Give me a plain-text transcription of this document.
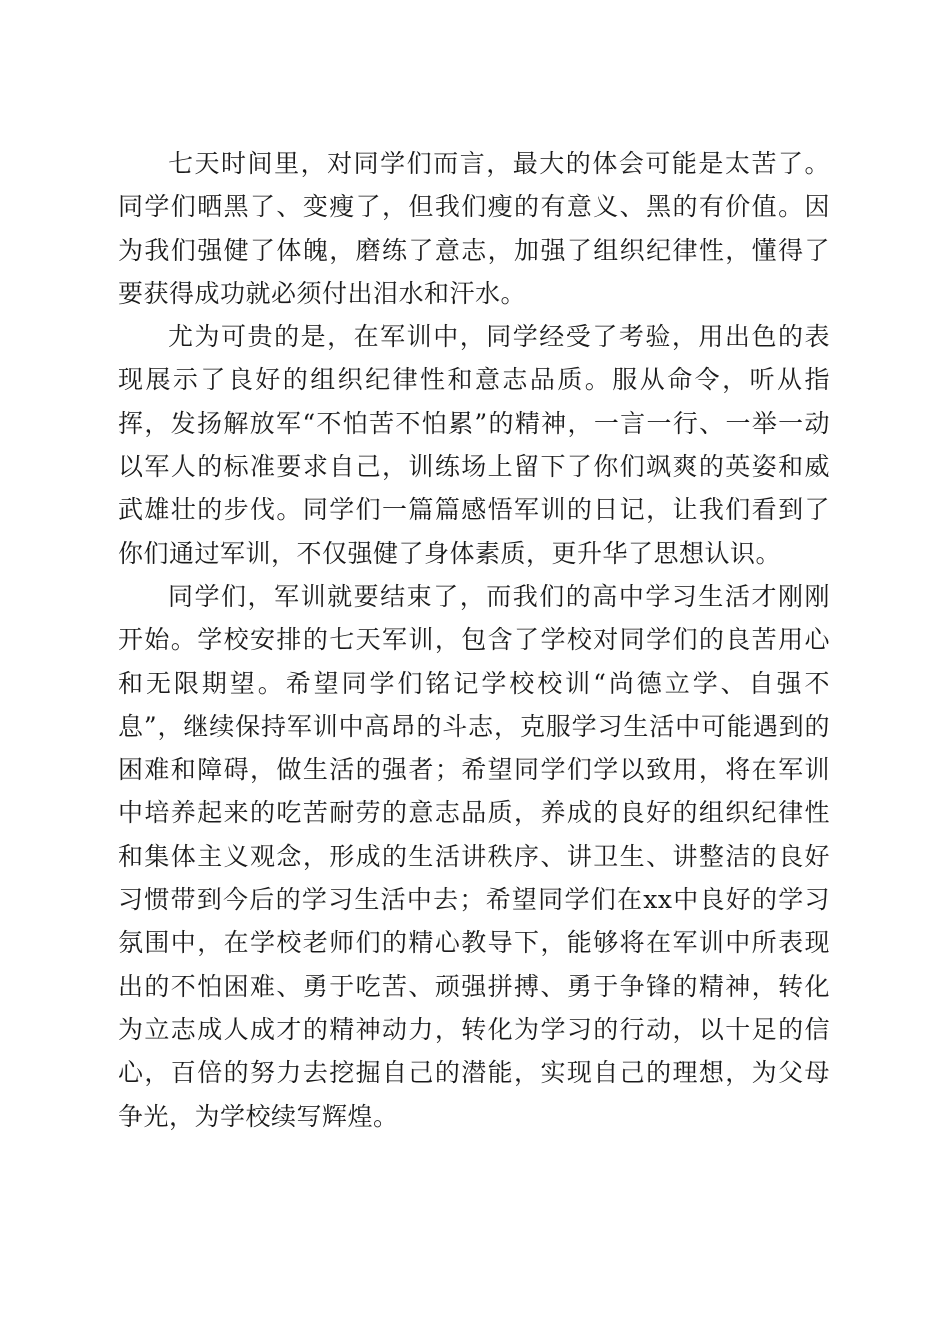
七天时间里，对同学们而言，最大的体会可能是太苦了。同学们晒黑了、变瘦了，但我们瘦的有意义、黑的有价值。因为我们强健了体魄，磨练了意志，加强了组织纪律性，懂得了要获得成功就必须付出泪水和汗水。

尤为可贵的是，在军训中，同学经受了考验，用出色的表现展示了良好的组织纪律性和意志品质。服从命令，听从指挥，发扬解放军“不怕苦不怕累”的精神，一言一行、一举一动以军人的标准要求自己，训练场上留下了你们飒爽的英姿和威武雄壮的步伐。同学们一篇篇感悟军训的日记，让我们看到了你们通过军训，不仅强健了身体素质，更升华了思想认识。

同学们，军训就要结束了，而我们的高中学习生活才刚刚开始。学校安排的七天军训，包含了学校对同学们的良苦用心和无限期望。希望同学们铭记学校校训“尚德立学、自强不息”，继续保持军训中高昂的斗志，克服学习生活中可能遇到的困难和障碍，做生活的强者；希望同学们学以致用，将在军训中培养起来的吃苦耐劳的意志品质，养成的良好的组织纪律性和集体主义观念，形成的生活讲秩序、讲卫生、讲整洁的良好习惯带到今后的学习生活中去；希望同学们在xx中良好的学习氛围中，在学校老师们的精心教导下，能够将在军训中所表现出的不怕困难、勇于吃苦、顽强拼搏、勇于争锋的精神，转化为立志成人成才的精神动力，转化为学习的行动，以十足的信心，百倍的努力去挖掘自己的潜能，实现自己的理想，为父母争光，为学校续写辉煌。
